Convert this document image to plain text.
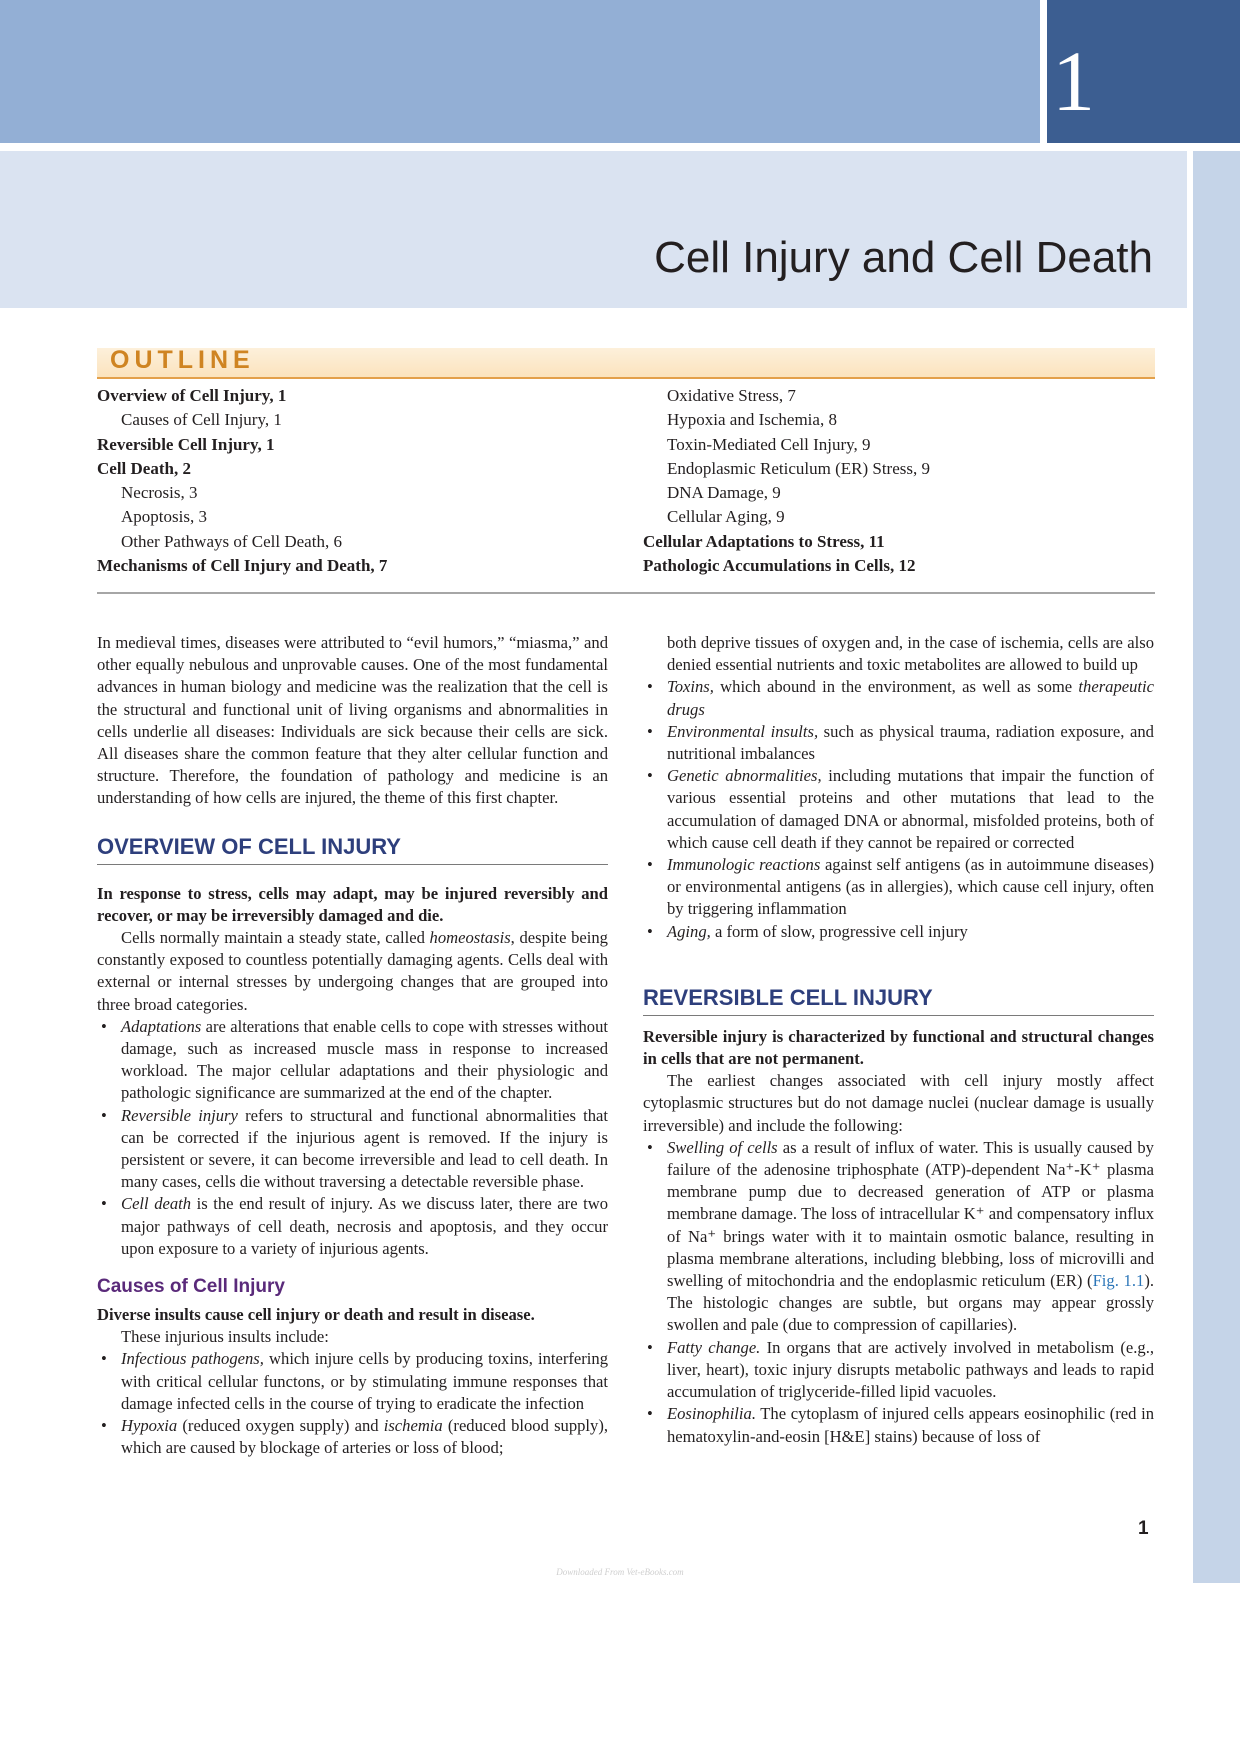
1
Cell Injury and Cell Death
OUTLINE
Overview of Cell Injury, 1
Causes of Cell Injury, 1
Reversible Cell Injury, 1
Cell Death, 2
Necrosis, 3
Apoptosis, 3
Other Pathways of Cell Death, 6
Mechanisms of Cell Injury and Death, 7
Oxidative Stress, 7
Hypoxia and Ischemia, 8
Toxin-Mediated Cell Injury, 9
Endoplasmic Reticulum (ER) Stress, 9
DNA Damage, 9
Cellular Aging, 9
Cellular Adaptations to Stress, 11
Pathologic Accumulations in Cells, 12

In medieval times, diseases were attributed to “evil humors,” “miasma,” and other equally nebulous and unprovable causes. One of the most fundamental advances in human biology and medicine was the realization that the cell is the structural and functional unit of living organisms and abnormalities in cells underlie all diseases: Individuals are sick because their cells are sick. All diseases share the common feature that they alter cellular function and structure. Therefore, the foundation of pathology and medicine is an understanding of how cells are injured, the theme of this first chapter.

OVERVIEW OF CELL INJURY

In response to stress, cells may adapt, may be injured reversibly and recover, or may be irreversibly damaged and die.

Cells normally maintain a steady state, called homeostasis, despite being constantly exposed to countless potentially damaging agents. Cells deal with external or internal stresses by undergoing changes that are grouped into three broad categories.

• Adaptations are alterations that enable cells to cope with stresses without damage, such as increased muscle mass in response to increased workload. The major cellular adaptations and their physiologic and pathologic significance are summarized at the end of the chapter.
• Reversible injury refers to structural and functional abnormalities that can be corrected if the injurious agent is removed. If the injury is persistent or severe, it can become irreversible and lead to cell death. In many cases, cells die without traversing a detectable reversible phase.
• Cell death is the end result of injury. As we discuss later, there are two major pathways of cell death, necrosis and apoptosis, and they occur upon exposure to a variety of injurious agents.
Causes of Cell Injury

Diverse insults cause cell injury or death and result in disease.

These injurious insults include:

• Infectious pathogens, which injure cells by producing toxins, interfering with critical cellular functons, or by stimulating immune responses that damage infected cells in the course of trying to eradicate the infection
• Hypoxia (reduced oxygen supply) and ischemia (reduced blood supply), which are caused by blockage of arteries or loss of blood;

both deprive tissues of oxygen and, in the case of ischemia, cells are also denied essential nutrients and toxic metabolites are allowed to build up

• Toxins, which abound in the environment, as well as some therapeutic drugs
• Environmental insults, such as physical trauma, radiation exposure, and nutritional imbalances
• Genetic abnormalities, including mutations that impair the function of various essential proteins and other mutations that lead to the accumulation of damaged DNA or abnormal, misfolded proteins, both of which cause cell death if they cannot be repaired or corrected
• Immunologic reactions against self antigens (as in autoimmune diseases) or environmental antigens (as in allergies), which cause cell injury, often by triggering inflammation
• Aging, a form of slow, progressive cell injury
REVERSIBLE CELL INJURY

Reversible injury is characterized by functional and structural changes in cells that are not permanent.

The earliest changes associated with cell injury mostly affect cytoplasmic structures but do not damage nuclei (nuclear damage is usually irreversible) and include the following:

• Swelling of cells as a result of influx of water. This is usually caused by failure of the adenosine triphosphate (ATP)-dependent Na⁺-K⁺ plasma membrane pump due to decreased generation of ATP or plasma membrane damage. The loss of intracellular K⁺ and compensatory influx of Na⁺ brings water with it to maintain osmotic balance, resulting in plasma membrane alterations, including blebbing, loss of microvilli and swelling of mitochondria and the endoplasmic reticulum (ER) (Fig. 1.1). The histologic changes are subtle, but organs may appear grossly swollen and pale (due to compression of capillaries).
• Fatty change. In organs that are actively involved in metabolism (e.g., liver, heart), toxic injury disrupts metabolic pathways and leads to rapid accumulation of triglyceride-filled lipid vacuoles.
• Eosinophilia. The cytoplasm of injured cells appears eosinophilic (red in hematoxylin-and-eosin [H&E] stains) because of loss of
1
Downloaded From Vet-eBooks.com
